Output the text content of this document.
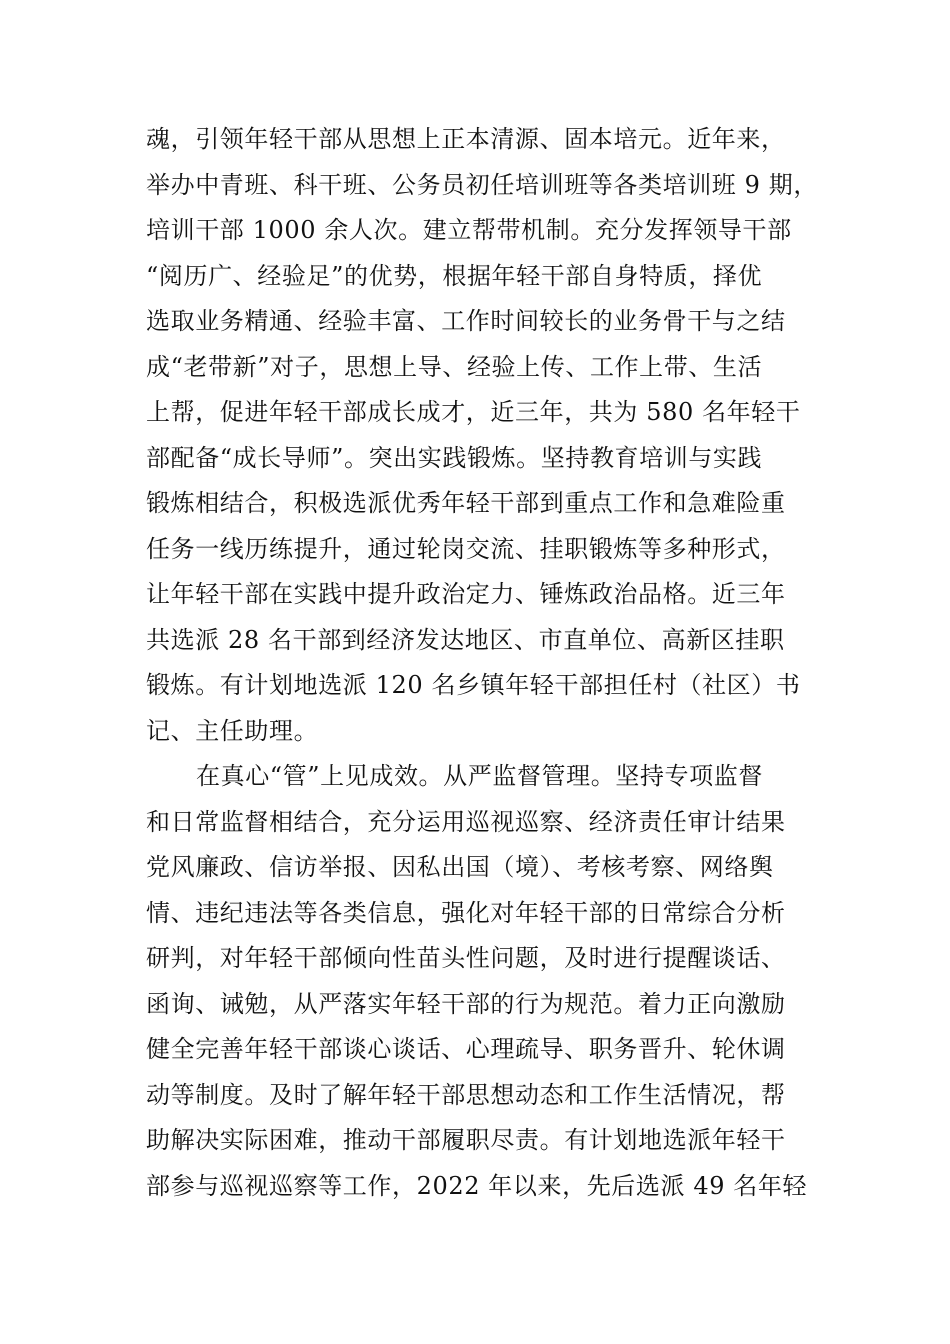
魂，引领年轻干部从思想上正本清源、固本培元。近年来，
举办中青班、科干班、公务员初任培训班等各类培训班 9 期，
培训干部 1000 余人次。建立帮带机制。充分发挥领导干部
“阅历广、经验足”的优势，根据年轻干部自身特质，择优
选取业务精通、经验丰富、工作时间较长的业务骨干与之结
成“老带新”对子，思想上导、经验上传、工作上带、生活
上帮，促进年轻干部成长成才，近三年，共为 580 名年轻干
部配备“成长导师”。突出实践锻炼。坚持教育培训与实践
锻炼相结合，积极选派优秀年轻干部到重点工作和急难险重
任务一线历练提升，通过轮岗交流、挂职锻炼等多种形式，
让年轻干部在实践中提升政治定力、锤炼政治品格。近三年
共选派 28 名干部到经济发达地区、市直单位、高新区挂职
锻炼。有计划地选派 120 名乡镇年轻干部担任村（社区）书
记、主任助理。
在真心“管”上见成效。从严监督管理。坚持专项监督
和日常监督相结合，充分运用巡视巡察、经济责任审计结果
党风廉政、信访举报、因私出国（境）、考核考察、网络舆
情、违纪违法等各类信息，强化对年轻干部的日常综合分析
研判，对年轻干部倾向性苗头性问题，及时进行提醒谈话、
函询、诫勉，从严落实年轻干部的行为规范。着力正向激励
健全完善年轻干部谈心谈话、心理疏导、职务晋升、轮休调
动等制度。及时了解年轻干部思想动态和工作生活情况，帮
助解决实际困难，推动干部履职尽责。有计划地选派年轻干
部参与巡视巡察等工作，2022 年以来，先后选派 49 名年轻
